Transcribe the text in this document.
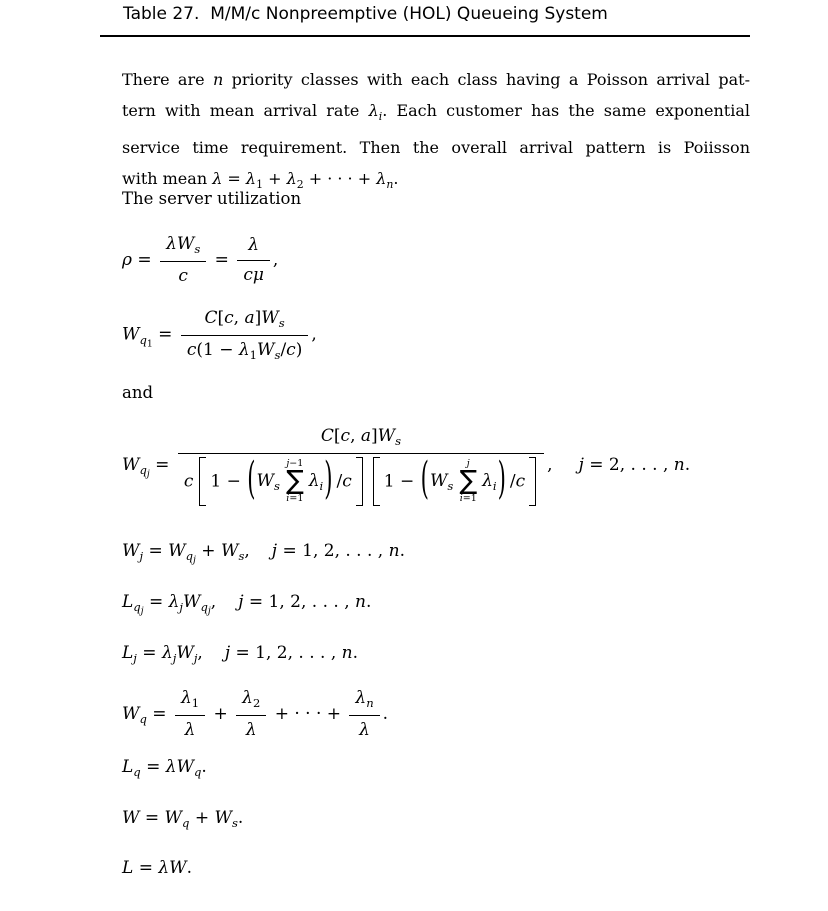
Table 27.  M/M/c Nonpreemptive (HOL) Queueing System
There are n priority classes with each class having a Poisson arrival pat-
tern with mean arrival rate $\lambda_i$. Each customer has the same exponential
service time requirement. Then the overall arrival pattern is Poiisson
with mean $\lambda = \lambda_1 + \lambda_2$ + · · · + $\lambda_n$.
The server utilization
$\rho = \frac{\lambda W_s}{c} = \frac{\lambda}{c\mu}$ ,
$W_{q_1} = \frac{C[c, a]W_s}{c(1 - \lambda_1W_s/c)}$ ,
and
$W_{q_j} = C[c$, $a]W_s$
c $1 - (W_s$
j−1
∑
i=1
$\lambda_i$) /c $1 - (W_s$
j
∑
i=1
$\lambda_i$) /c , j = 2, . . . , n.
$W_j = W_{q_j} + W_s$, j = 1, 2, . . . , n.
$L_{q_j} = \lambda_jW_{q_j}$, j = 1, 2, . . . , n.
$L_j = \lambda_jW_j$, j = 1, 2, . . . , n.
$W_q = \frac{\lambda_1}{\lambda} + \frac{\lambda_2}{\lambda}$ + · · · + $\frac{\lambda_n}{\lambda}$ .
$L_q = \lambda W_q$.
$W = W_q + W_s$.
L = λW.
